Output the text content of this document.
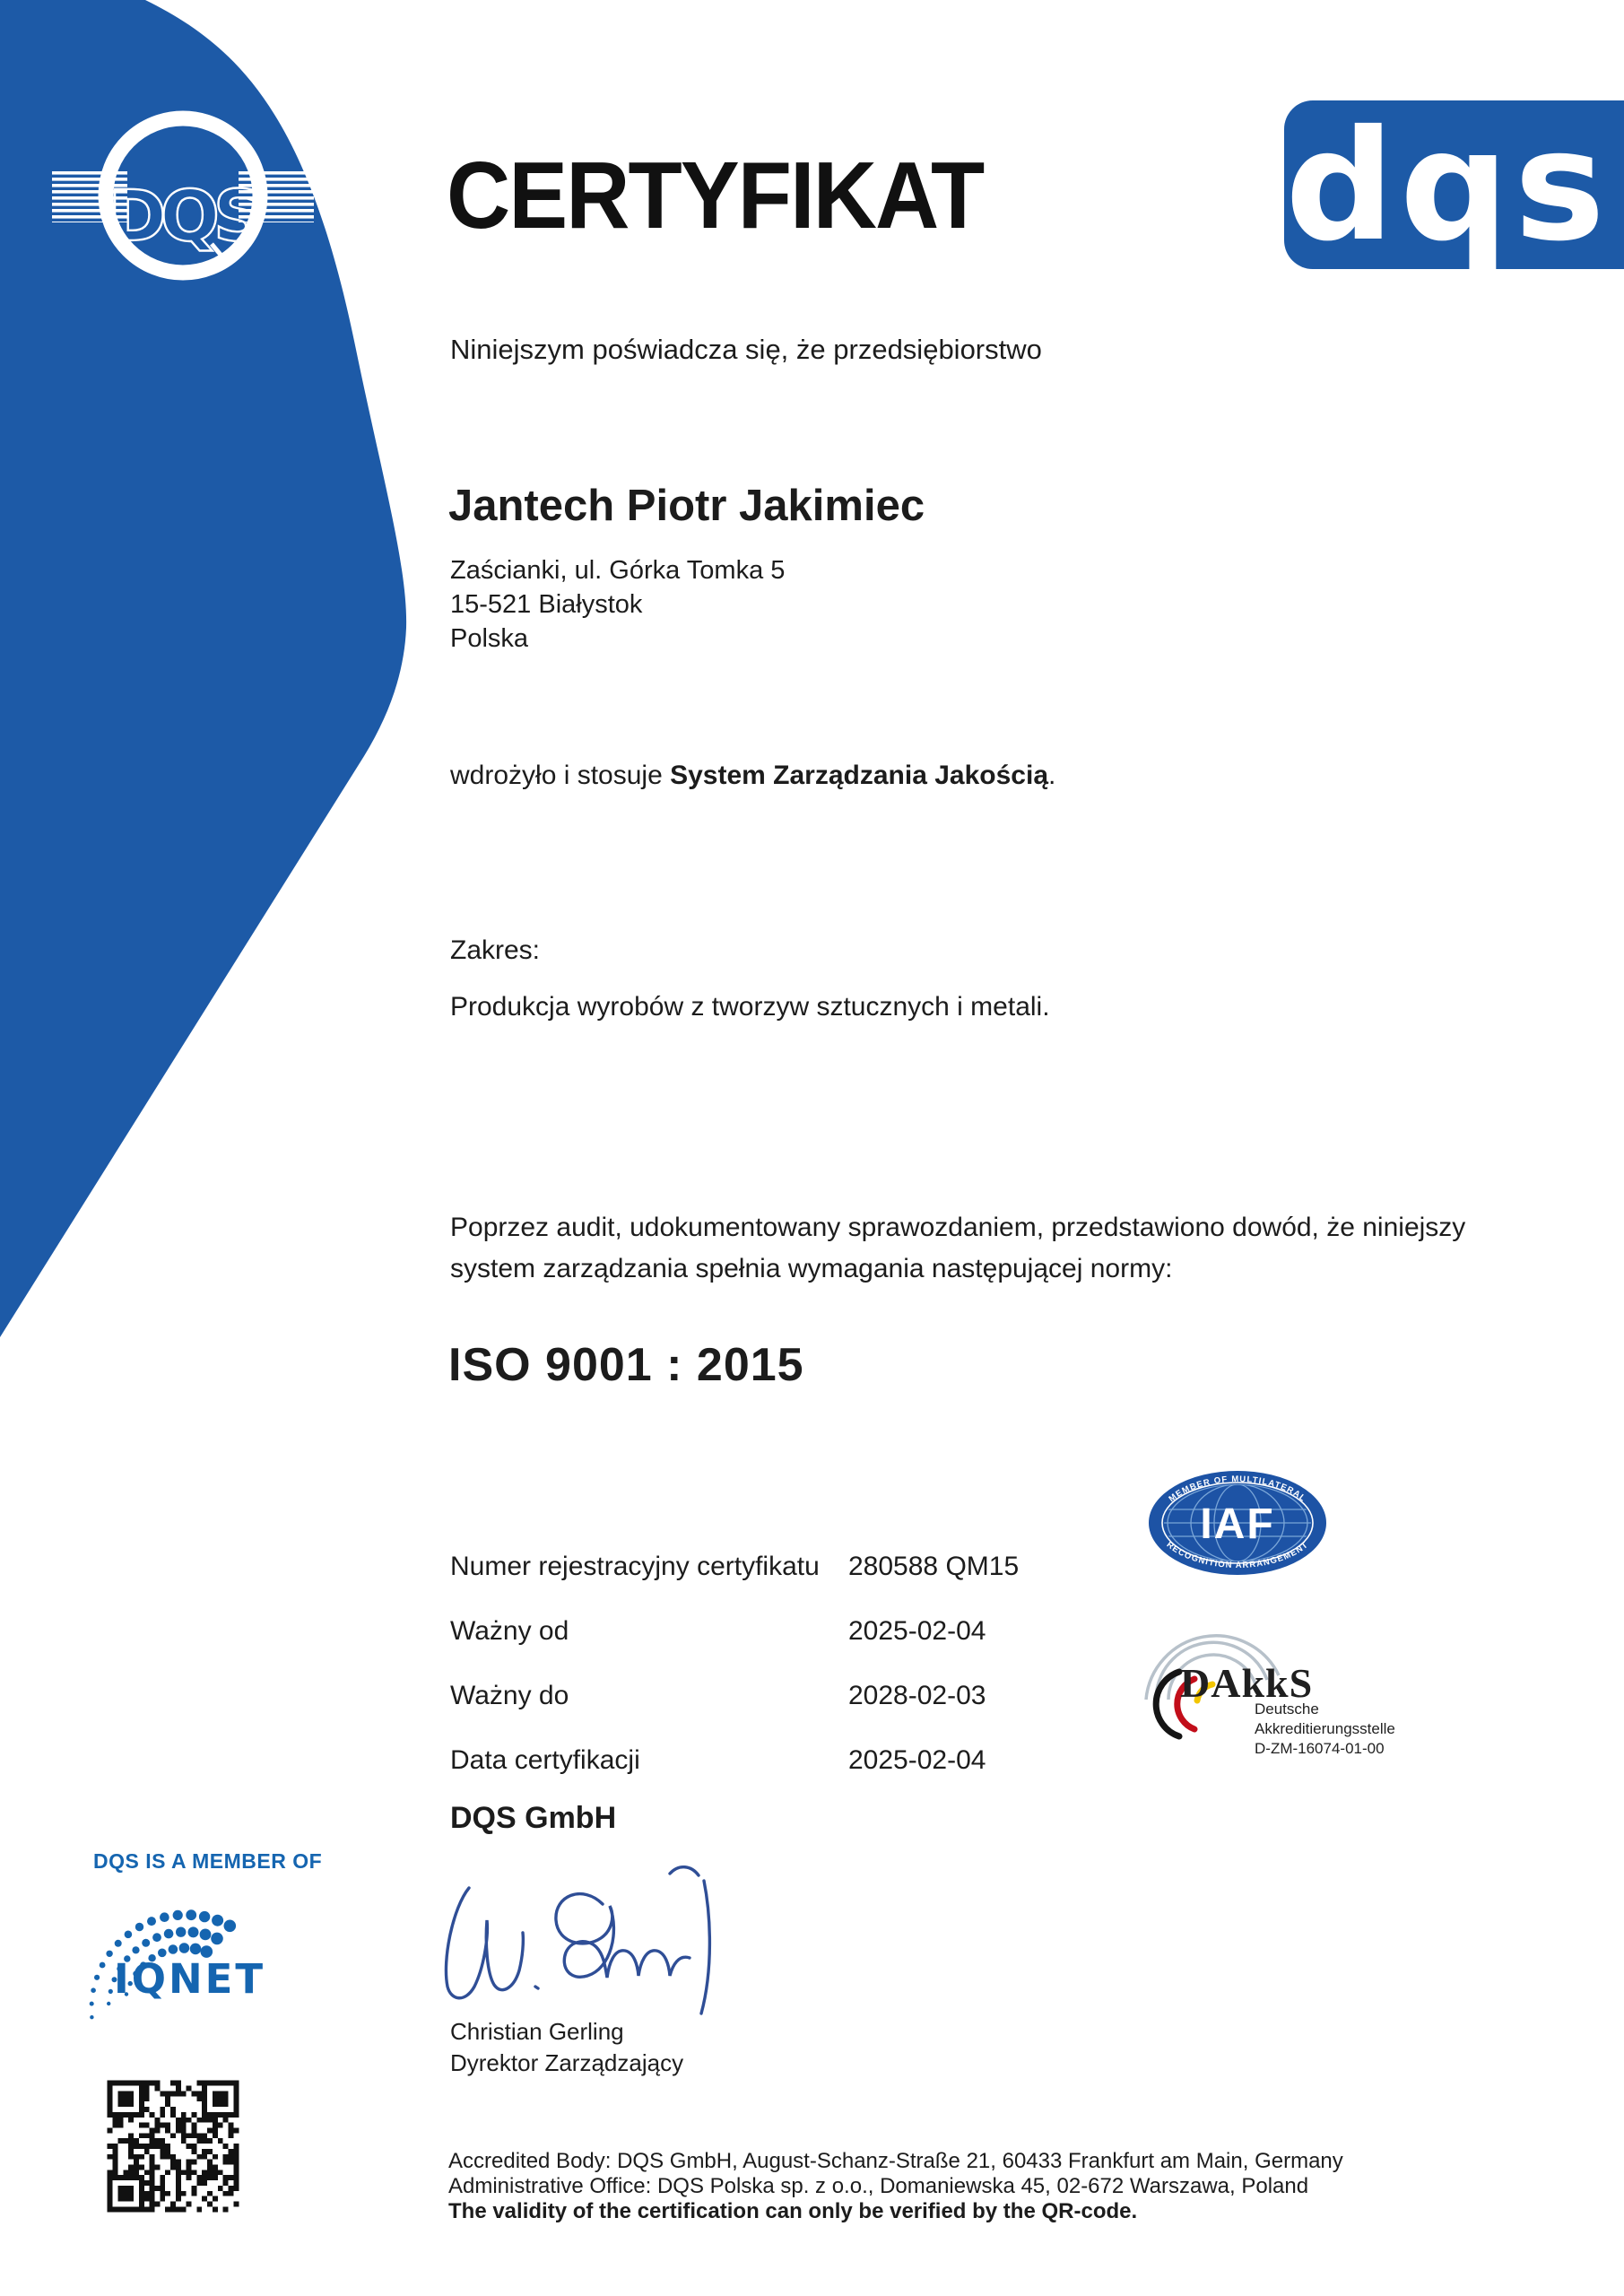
DQS CERTYFIKAT dqs
Niniejszym poświadcza się, że przedsiębiorstwo
Jantech Piotr Jakimiec
Zaścianki, ul. Górka Tomka 5
15-521 Białystok
Polska
wdrożyło i stosuje System Zarządzania Jakością.
Zakres:
Produkcja wyrobów z tworzyw sztucznych i metali.
Poprzez audit, udokumentowany sprawozdaniem, przedstawiono dowód, że niniejszy
system zarządzania spełnia wymagania następującej normy:
ISO 9001 : 2015
Numer rejestracyjny certyfikatu 280588 QM15
Ważny od	2025-02-04
Ważny do	2028-02-03
Data certyfikacji	2025-02-04
MEMBER OF MULTILATERAL
RECOGNITION ARRANGEMENT
IAF
DAkkS
Deutsche
Akkreditierungsstelle
D-ZM-16074-01-00
DQS GmbH
Christian Gerling
Dyrektor Zarządzający
Accredited Body: DQS GmbH, August-Schanz-Straße 21, 60433 Frankfurt am Main, Germany
Administrative Office: DQS Polska sp. z o.o., Domaniewska 45, 02-672 Warszawa, Poland
The validity of the certification can only be verified by the QR-code.
DQS IS A MEMBER OF
IQNET
